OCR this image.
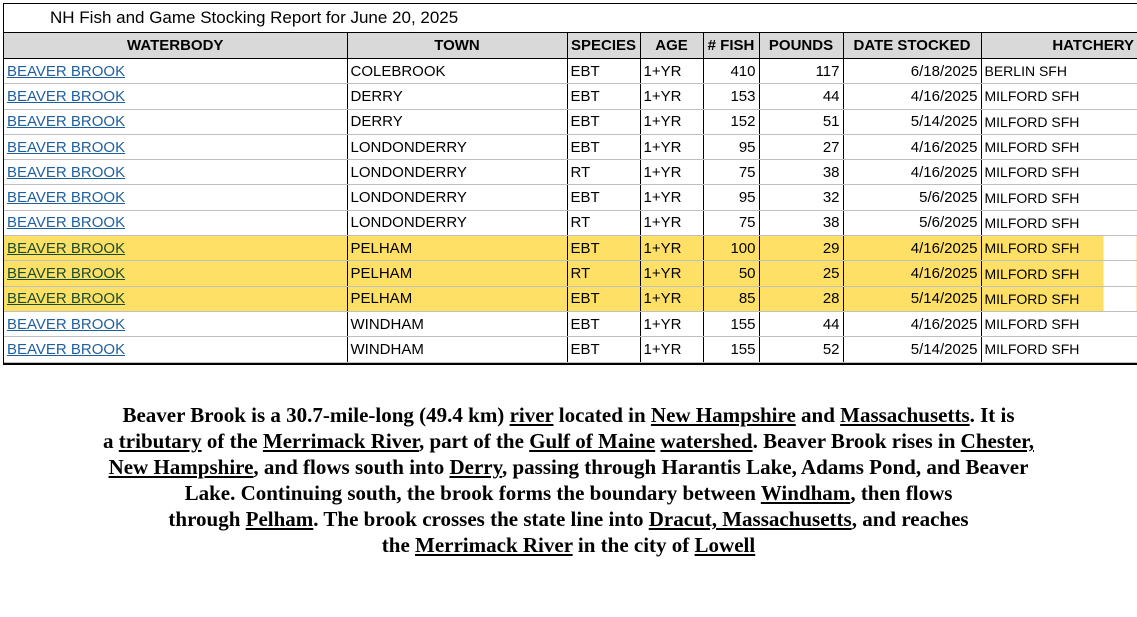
NH Fish and Game Stocking Report for June 20, 2025
WATERBODY	TOWN	SPECIES	AGE	# FISH	POUNDS	DATE STOCKED	HATCHERY
BEAVER BROOK	COLEBROOK	EBT	1+YR	410	117	6/18/2025	BERLIN SFH
BEAVER BROOK	DERRY	EBT	1+YR	153	44	4/16/2025	MILFORD SFH
BEAVER BROOK	DERRY	EBT	1+YR	152	51	5/14/2025	MILFORD SFH
BEAVER BROOK	LONDONDERRY	EBT	1+YR	95	27	4/16/2025	MILFORD SFH
BEAVER BROOK	LONDONDERRY	RT	1+YR	75	38	4/16/2025	MILFORD SFH
BEAVER BROOK	LONDONDERRY	EBT	1+YR	95	32	5/6/2025	MILFORD SFH
BEAVER BROOK	LONDONDERRY	RT	1+YR	75	38	5/6/2025	MILFORD SFH
BEAVER BROOK	PELHAM	EBT	1+YR	100	29	4/16/2025	MILFORD SFH
BEAVER BROOK	PELHAM	RT	1+YR	50	25	4/16/2025	MILFORD SFH
BEAVER BROOK	PELHAM	EBT	1+YR	85	28	5/14/2025	MILFORD SFH
BEAVER BROOK	WINDHAM	EBT	1+YR	155	44	4/16/2025	MILFORD SFH
BEAVER BROOK	WINDHAM	EBT	1+YR	155	52	5/14/2025	MILFORD SFH
Beaver Brook is a 30.7-mile-long (49.4 km) river located in New Hampshire and Massachusetts. It is
a tributary of the Merrimack River, part of the Gulf of Maine watershed. Beaver Brook rises in Chester,
New Hampshire, and flows south into Derry, passing through Harantis Lake, Adams Pond, and Beaver
Lake. Continuing south, the brook forms the boundary between Windham, then flows
through Pelham. The brook crosses the state line into Dracut, Massachusetts, and reaches
the Merrimack River in the city of Lowell
